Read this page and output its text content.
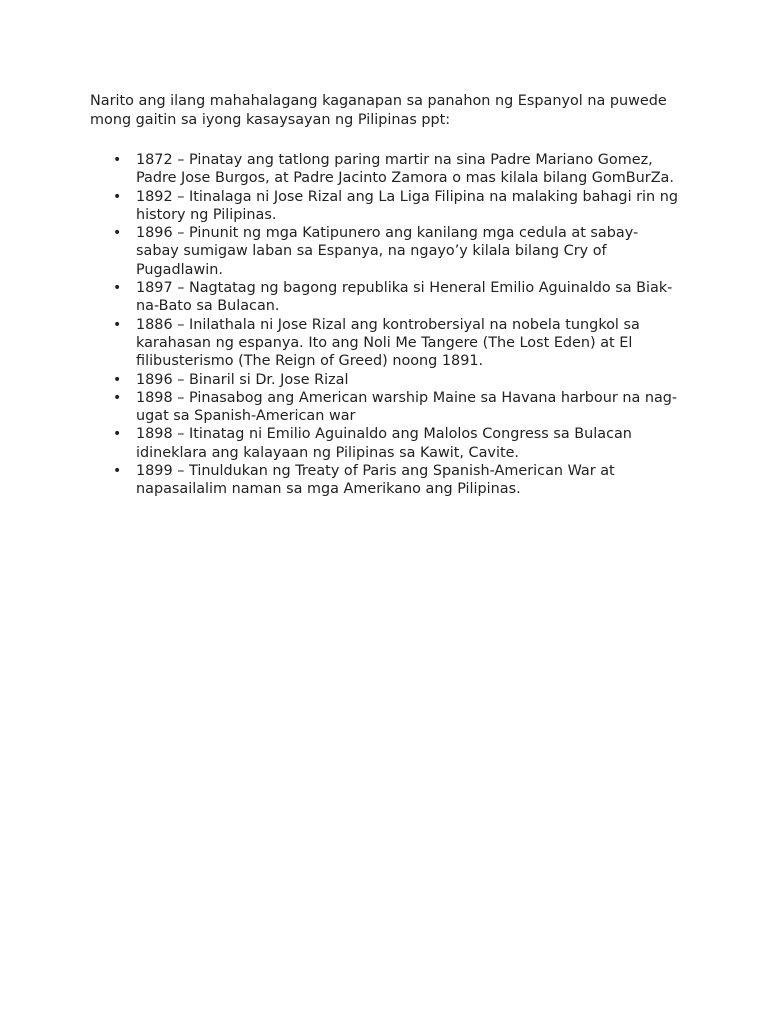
Narito ang ilang mahahalagang kaganapan sa panahon ng Espanyol na puwede mong gaitin sa iyong kasaysayan ng Pilipinas ppt:

• 1872 – Pinatay ang tatlong paring martir na sina Padre Mariano Gomez, Padre Jose Burgos, at Padre Jacinto Zamora o mas kilala bilang GomBurZa.
• 1892 – Itinalaga ni Jose Rizal ang La Liga Filipina na malaking bahagi rin ng history ng Pilipinas.
• 1896 – Pinunit ng mga Katipunero ang kanilang mga cedula at sabay-sabay sumigaw laban sa Espanya, na ngayo’y kilala bilang Cry of Pugadlawin.
• 1897 – Nagtatag ng bagong republika si Heneral Emilio Aguinaldo sa Biak-na-Bato sa Bulacan.
• 1886 – Inilathala ni Jose Rizal ang kontrobersiyal na nobela tungkol sa karahasan ng espanya. Ito ang Noli Me Tangere (The Lost Eden) at El filibusterismo (The Reign of Greed) noong 1891.
• 1896 – Binaril si Dr. Jose Rizal
• 1898 – Pinasabog ang American warship Maine sa Havana harbour na nag-ugat sa Spanish-American war
• 1898 – Itinatag ni Emilio Aguinaldo ang Malolos Congress sa Bulacan idineklara ang kalayaan ng Pilipinas sa Kawit, Cavite.
• 1899 – Tinuldukan ng Treaty of Paris ang Spanish-American War at napasailalim naman sa mga Amerikano ang Pilipinas.
